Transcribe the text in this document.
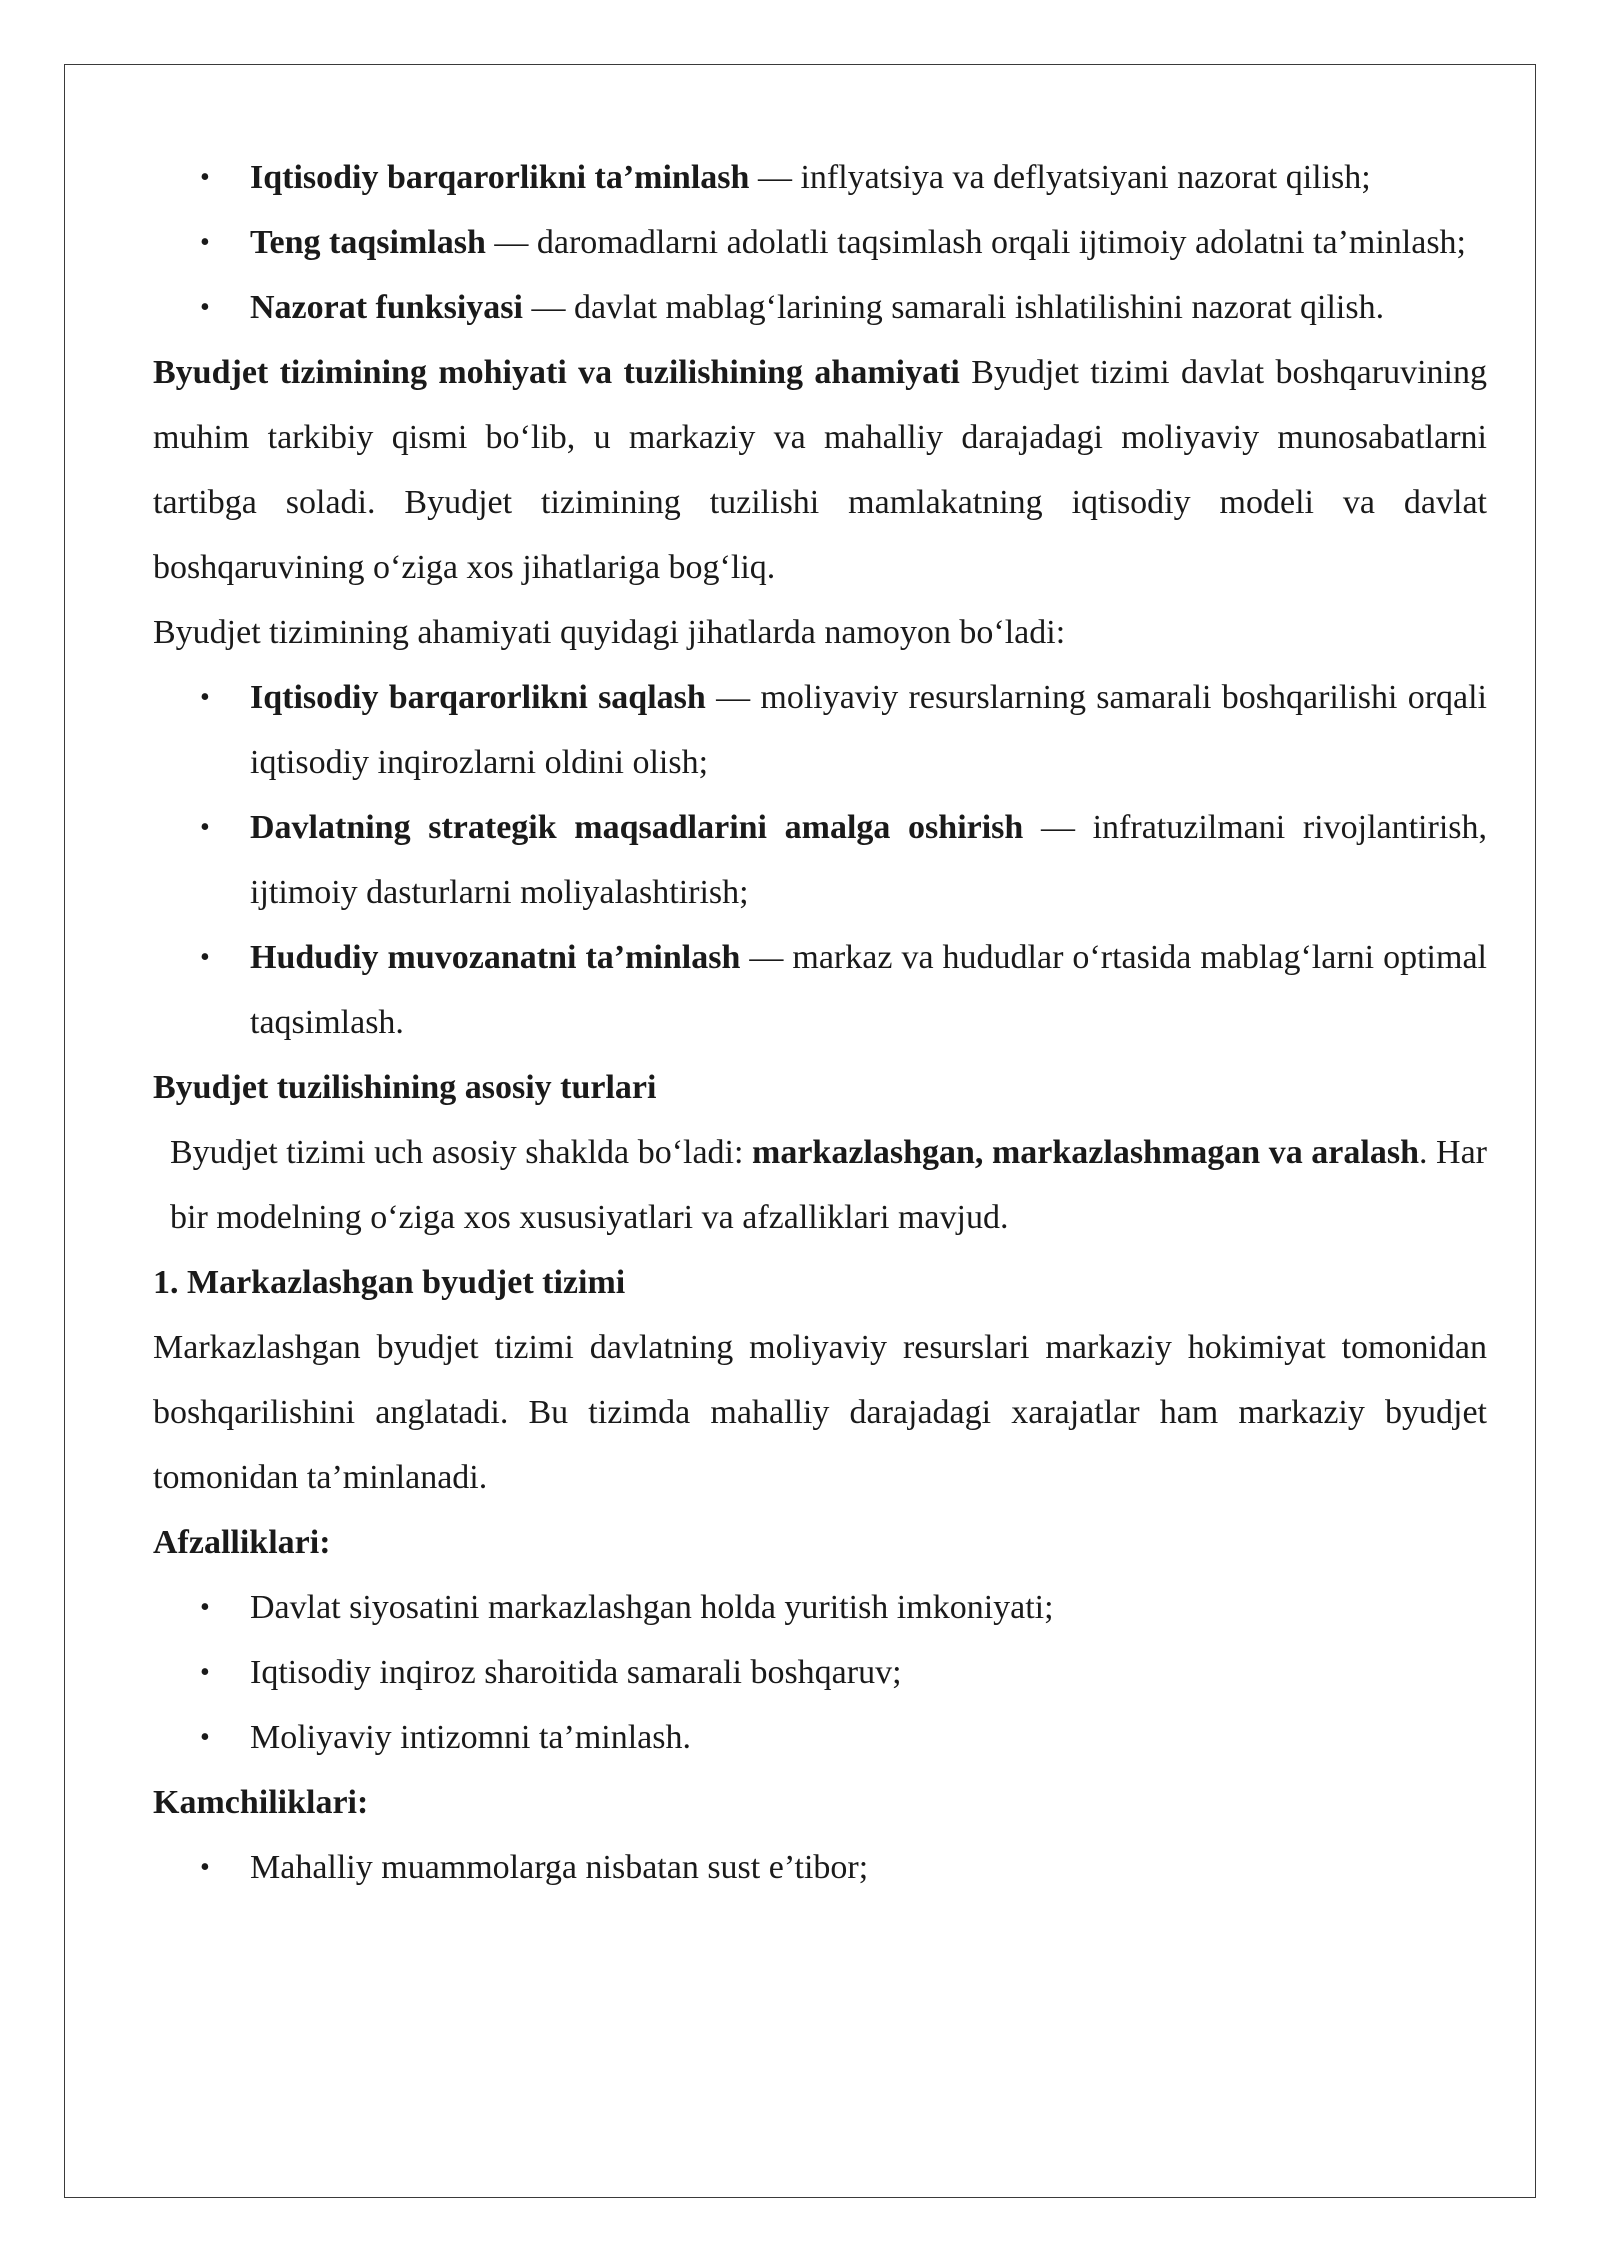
• Iqtisodiy barqarorlikni ta’minlash — inflyatsiya va deflyatsiyani nazorat qilish;
• Teng taqsimlash — daromadlarni adolatli taqsimlash orqali ijtimoiy adolatni ta’minlash;
• Nazorat funksiyasi — davlat mablag‘larining samarali ishlatilishini nazorat qilish.

Byudjet tizimining mohiyati va tuzilishining ahamiyati Byudjet tizimi davlat boshqaruvining muhim tarkibiy qismi bo‘lib, u markaziy va mahalliy darajadagi moliyaviy munosabatlarni tartibga soladi. Byudjet tizimining tuzilishi mamlakatning iqtisodiy modeli va davlat boshqaruvining o‘ziga xos jihatlariga bog‘liq.

Byudjet tizimining ahamiyati quyidagi jihatlarda namoyon bo‘ladi:

• Iqtisodiy barqarorlikni saqlash — moliyaviy resurslarning samarali boshqarilishi orqali iqtisodiy inqirozlarni oldini olish;
• Davlatning strategik maqsadlarini amalga oshirish — infratuzilmani rivojlantirish, ijtimoiy dasturlarni moliyalashtirish;
• Hududiy muvozanatni ta’minlash — markaz va hududlar o‘rtasida mablag‘larni optimal taqsimlash.

Byudjet tuzilishining asosiy turlari

Byudjet tizimi uch asosiy shaklda bo‘ladi: markazlashgan, markazlashmagan va aralash. Har bir modelning o‘ziga xos xususiyatlari va afzalliklari mavjud.

1. Markazlashgan byudjet tizimi

Markazlashgan byudjet tizimi davlatning moliyaviy resurslari markaziy hokimiyat tomonidan boshqarilishini anglatadi. Bu tizimda mahalliy darajadagi xarajatlar ham markaziy byudjet tomonidan ta’minlanadi.

Afzalliklari:

• Davlat siyosatini markazlashgan holda yuritish imkoniyati;
• Iqtisodiy inqiroz sharoitida samarali boshqaruv;
• Moliyaviy intizomni ta’minlash.

Kamchiliklari:

• Mahalliy muammolarga nisbatan sust e’tibor;
